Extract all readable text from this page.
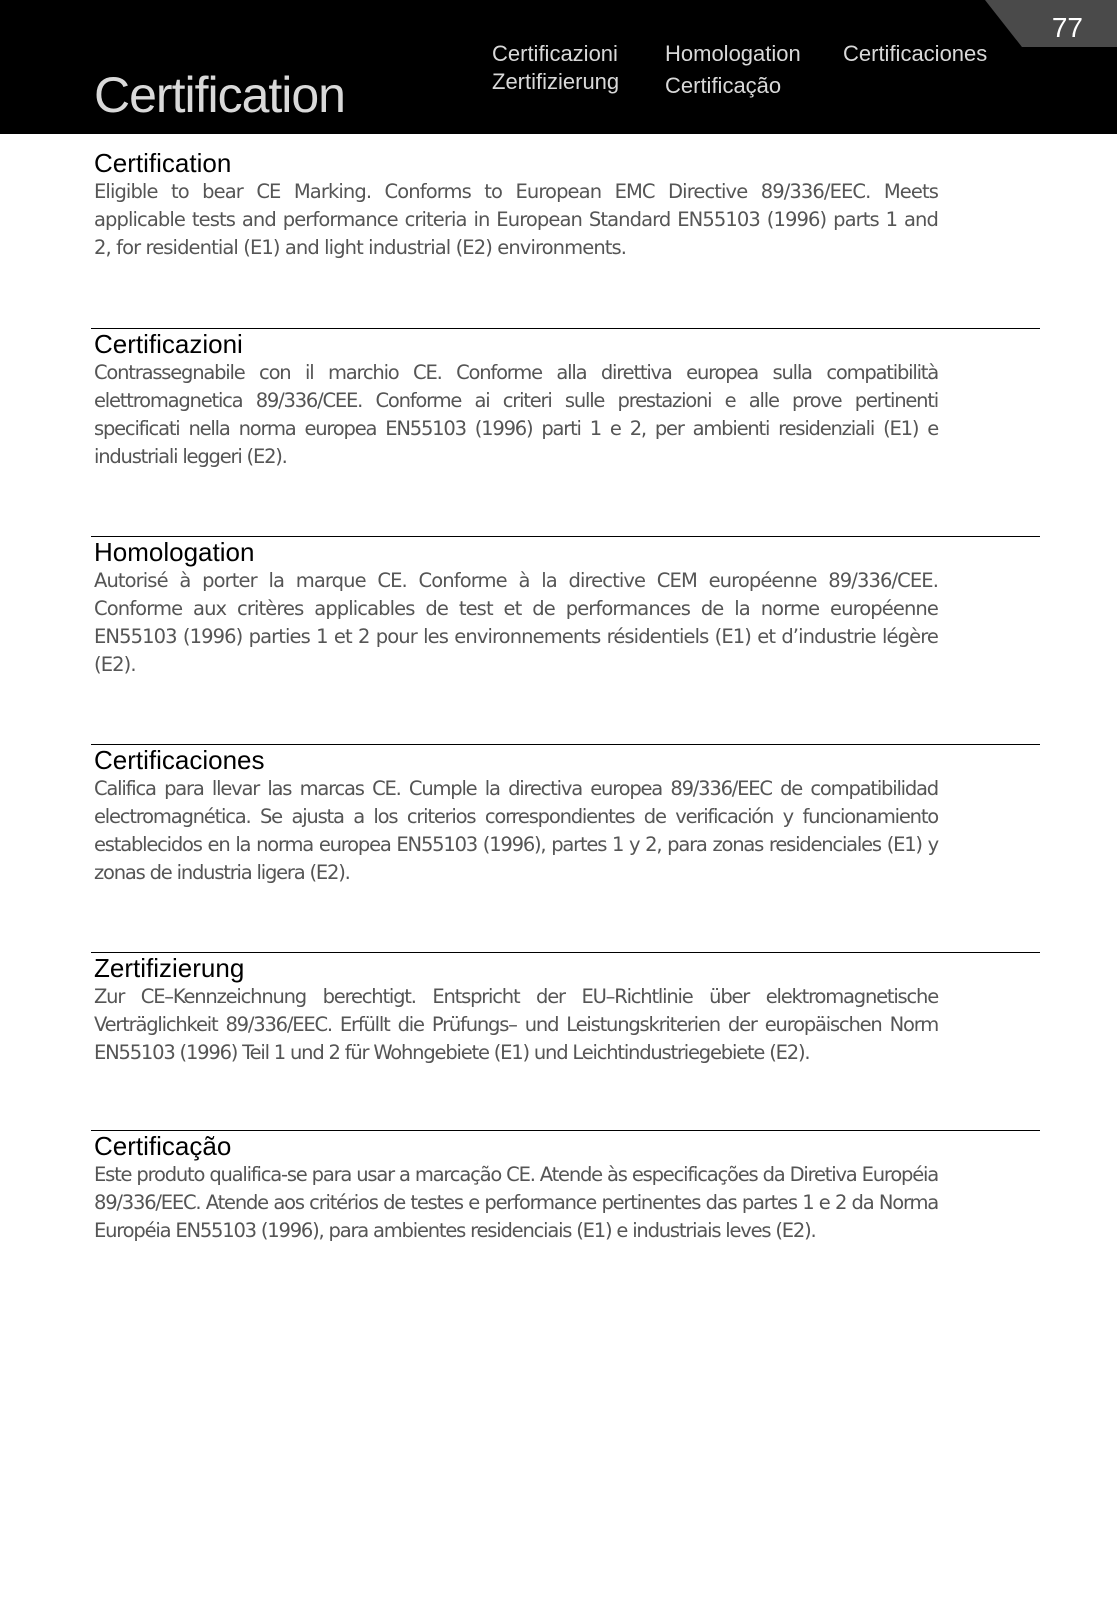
Certification
Certificazioni
Zertifizierung
Homologation
Certificação
Certificaciones
77
Certification

Eligible to bear CE Marking. Conforms to European EMC Directive 89/336/EEC. Meets applicable tests and performance criteria in European Standard EN55103 (1996) parts 1 and 2, for residential (E1) and light industrial (E2) environments.

Certificazioni

Contrassegnabile con il marchio CE. Conforme alla direttiva europea sulla compatibilità elettromagnetica 89/336/CEE. Conforme ai criteri sulle prestazioni e alle prove pertinenti specificati nella norma europea EN55103 (1996) parti 1 e 2, per ambienti residenziali (E1) e industriali leggeri (E2).

Homologation

Autorisé à porter la marque CE. Conforme à la directive CEM européenne 89/336/CEE. Conforme aux critères applicables de test et de performances de la norme européenne EN55103 (1996) parties 1 et 2 pour les environnements résidentiels (E1) et d’industrie légère (E2).

Certificaciones

Califica para llevar las marcas CE. Cumple la directiva europea 89/336/EEC de compatibilidad electromagnética. Se ajusta a los criterios correspondientes de verificación y funcionamiento establecidos en la norma europea EN55103 (1996), partes 1 y 2, para zonas residenciales (E1) y zonas de industria ligera (E2).

Zertifizierung

Zur CE–Kennzeichnung berechtigt. Entspricht der EU–Richtlinie über elektromagnetische Verträglichkeit 89/336/EEC. Erfüllt die Prüfungs– und Leistungskriterien der europäischen Norm EN55103 (1996) Teil 1 und 2 für Wohngebiete (E1) und Leichtindustriegebiete (E2).

Certificação

Este produto qualifica-se para usar a marcação CE. Atende às especificações da Diretiva Européia 89/336/EEC. Atende aos critérios de testes e performance pertinentes das partes 1 e 2 da Norma Européia EN55103 (1996), para ambientes residenciais (E1) e industriais leves (E2).
